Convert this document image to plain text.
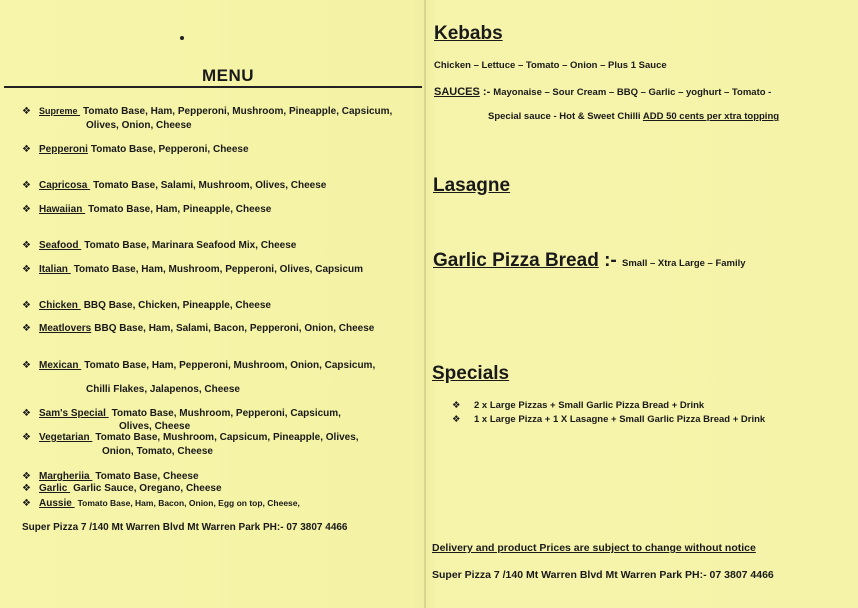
MENU
❖ Supreme Tomato Base, Ham, Pepperoni, Mushroom, Pineapple, Capsicum,
Olives, Onion, Cheese
❖ Pepperoni Tomato Base, Pepperoni, Cheese
❖ Capricosa Tomato Base, Salami, Mushroom, Olives, Cheese
❖ Hawaiian Tomato Base, Ham, Pineapple, Cheese
❖ Seafood Tomato Base, Marinara Seafood Mix, Cheese
❖ Italian Tomato Base, Ham, Mushroom, Pepperoni, Olives, Capsicum
❖ Chicken BBQ Base, Chicken, Pineapple, Cheese
❖ Meatlovers BBQ Base, Ham, Salami, Bacon, Pepperoni, Onion, Cheese
❖ Mexican Tomato Base, Ham, Pepperoni, Mushroom, Onion, Capsicum,
Chilli Flakes, Jalapenos, Cheese
❖ Sam's Special Tomato Base, Mushroom, Pepperoni, Capsicum,
Olives, Cheese
❖ Vegetarian Tomato Base, Mushroom, Capsicum, Pineapple, Olives,
Onion, Tomato, Cheese
❖ Margheriia Tomato Base, Cheese
❖ Garlic Garlic Sauce, Oregano, Cheese
❖ Aussie Tomato Base, Ham, Bacon, Onion, Egg on top, Cheese,
Super Pizza 7 /140 Mt Warren Blvd Mt Warren Park PH:- 07 3807 4466
Kebabs
Chicken – Lettuce – Tomato – Onion – Plus 1 Sauce
SAUCES :- Mayonaise – Sour Cream – BBQ – Garlic – yoghurt – Tomato -
Special sauce - Hot & Sweet Chilli ADD 50 cents per xtra topping
Lasagne
Garlic Pizza Bread :- Small – Xtra Large – Family
Specials
❖ 2 x Large Pizzas + Small Garlic Pizza Bread + Drink
❖ 1 x Large Pizza + 1 X Lasagne + Small Garlic Pizza Bread + Drink
Delivery and product Prices are subject to change without notice
Super Pizza 7 /140 Mt Warren Blvd Mt Warren Park PH:- 07 3807 4466
